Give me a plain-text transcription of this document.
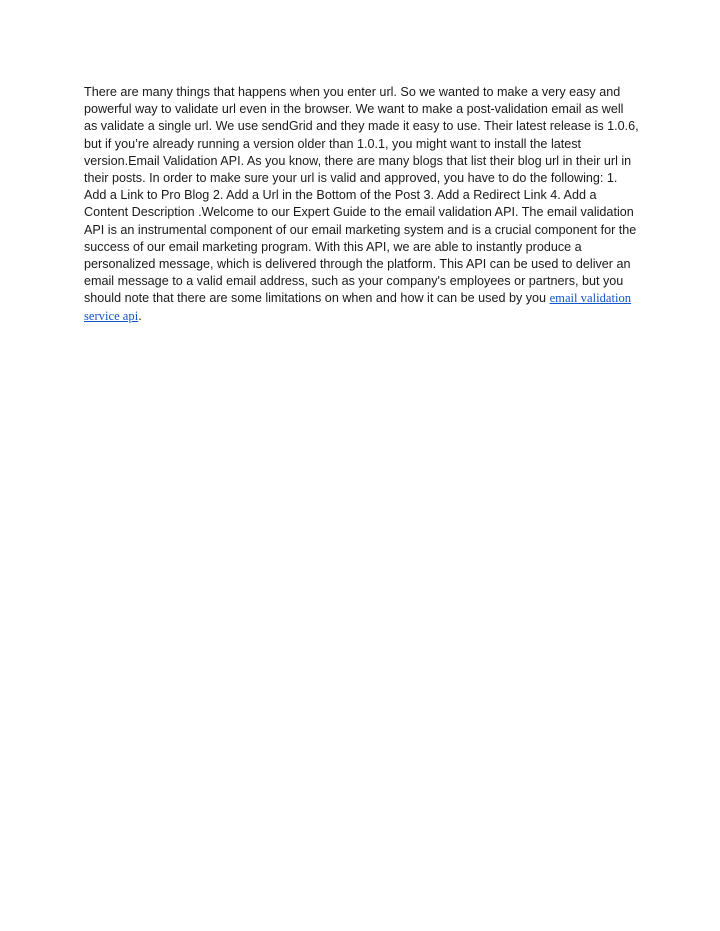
There are many things that happens when you enter url. So we wanted to make a very easy and powerful way to validate url even in the browser. We want to make a post-validation email as well as validate a single url. We use sendGrid and they made it easy to use. Their latest release is 1.0.6, but if you’re already running a version older than 1.0.1, you might want to install the latest version.Email Validation API. As you know, there are many blogs that list their blog url in their url in their posts. In order to make sure your url is valid and approved, you have to do the following: 1. Add a Link to Pro Blog 2. Add a Url in the Bottom of the Post 3. Add a Redirect Link 4. Add a Content Description .Welcome to our Expert Guide to the email validation API. The email validation API is an instrumental component of our email marketing system and is a crucial component for the success of our email marketing program. With this API, we are able to instantly produce a personalized message, which is delivered through the platform. This API can be used to deliver an email message to a valid email address, such as your company's employees or partners, but you should note that there are some limitations on when and how it can be used by you email validation service api.
